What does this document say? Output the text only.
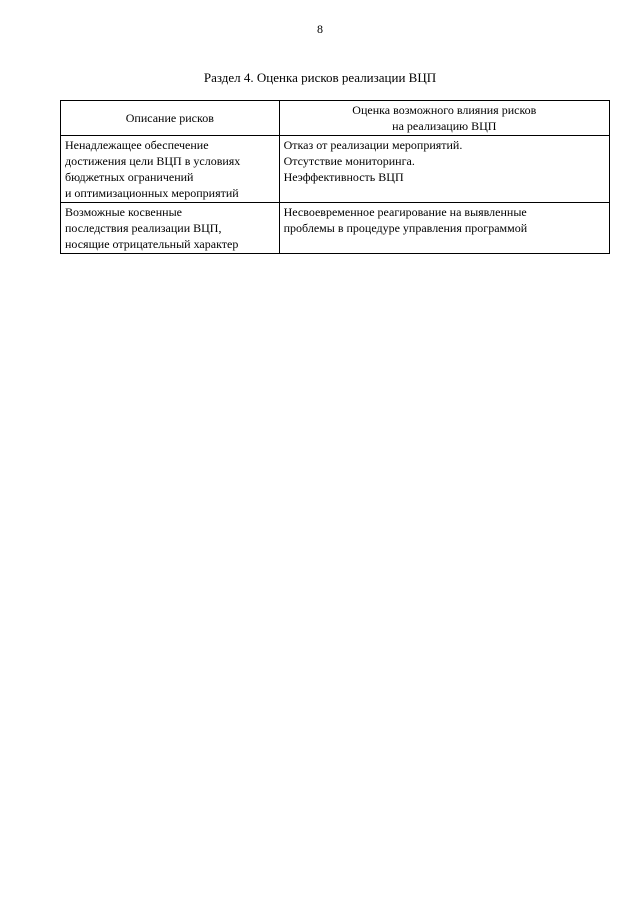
8
Раздел 4. Оценка рисков реализации ВЦП
Описание рисков	Оценка возможного влияния рисков
на реализацию ВЦП

Ненадлежащее обеспечение
достижения цели ВЦП в условиях
бюджетных ограничений
и оптимизационных мероприятий	Отказ от реализации мероприятий.
Отсутствие мониторинга.
Неэффективность ВЦП

Возможные косвенные
последствия реализации ВЦП,
носящие отрицательный характер	Несвоевременное реагирование на выявленные
проблемы в процедуре управления программой
